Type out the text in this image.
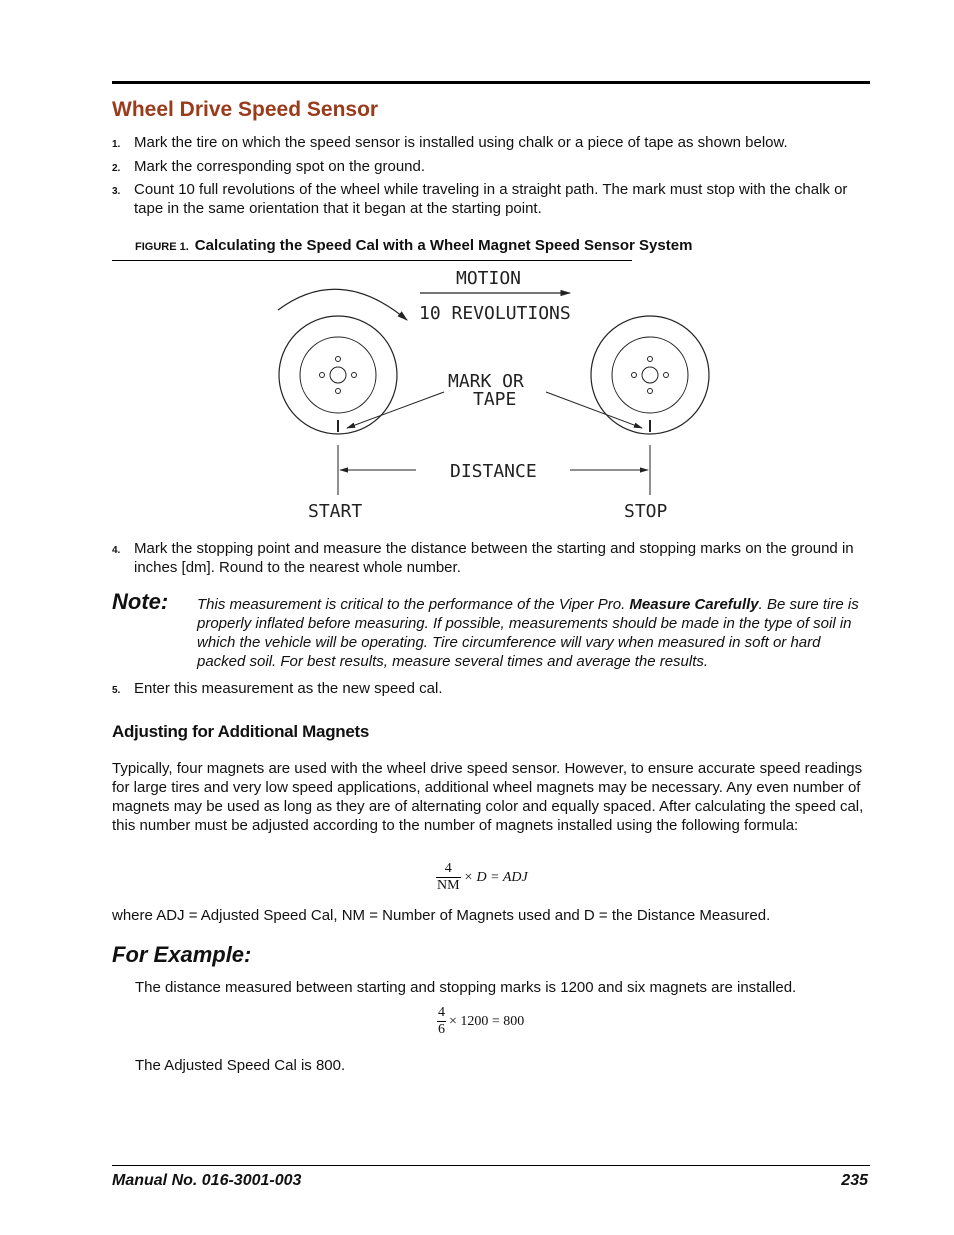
Wheel Drive Speed Sensor
1. Mark the tire on which the speed sensor is installed using chalk or a piece of tape as shown below.
2. Mark the corresponding spot on the ground.
3. Count 10 full revolutions of the wheel while traveling in a straight path. The mark must stop with the chalk or tape in the same orientation that it began at the starting point.
FIGURE 1. Calculating the Speed Cal with a Wheel Magnet Speed Sensor System
MOTION
10 REVOLUTIONS
MARK OR
TAPE
DISTANCE
START	STOP
4. Mark the stopping point and measure the distance between the starting and stopping marks on the ground in inches [dm]. Round to the nearest whole number.
Note: This measurement is critical to the performance of the Viper Pro. Measure Carefully. Be sure tire is properly inflated before measuring. If possible, measurements should be made in the type of soil in which the vehicle will be operating. Tire circumference will vary when measured in soft or hard packed soil. For best results, measure several times and average the results.
5. Enter this measurement as the new speed cal.
Adjusting for Additional Magnets
Typically, four magnets are used with the wheel drive speed sensor. However, to ensure accurate speed readings for large tires and very low speed applications, additional wheel magnets may be necessary. Any even number of magnets may be used as long as they are of alternating color and equally spaced. After calculating the speed cal, this number must be adjusted according to the number of magnets installed using the following formula:
$\frac{4}{NM} \times D$ = ADJ
where ADJ = Adjusted Speed Cal, NM = Number of Magnets used and D = the Distance Measured.
For Example:
The distance measured between starting and stopping marks is 1200 and six magnets are installed.
$\frac{4}{6} \times 1200 = 800$
The Adjusted Speed Cal is 800.
Manual No. 016-3001-003	235
